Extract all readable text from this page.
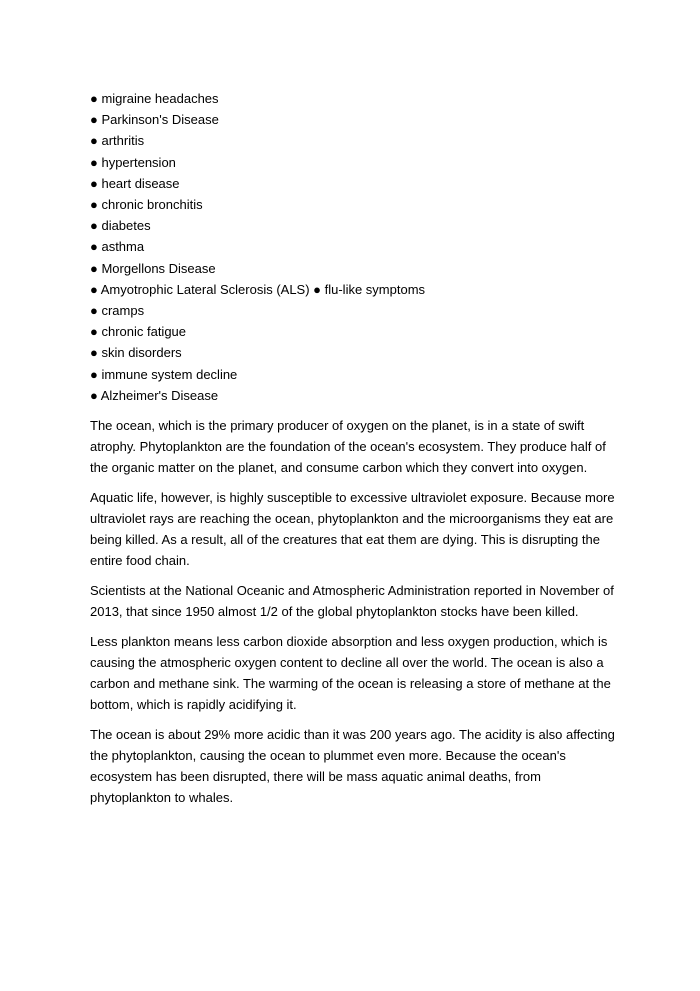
● migraine headaches
● Parkinson's Disease
● arthritis
● hypertension
● heart disease
● chronic bronchitis
● diabetes
● asthma
● Morgellons Disease
● Amyotrophic Lateral Sclerosis (ALS) ● flu-like symptoms
● cramps
● chronic fatigue
● skin disorders
● immune system decline
● Alzheimer's Disease

The ocean, which is the primary producer of oxygen on the planet, is in a state of swift atrophy. Phytoplankton are the foundation of the ocean's ecosystem. They produce half of the organic matter on the planet, and consume carbon which they convert into oxygen.

Aquatic life, however, is highly susceptible to excessive ultraviolet exposure. Because more ultraviolet rays are reaching the ocean, phytoplankton and the microorganisms they eat are being killed. As a result, all of the creatures that eat them are dying. This is disrupting the entire food chain.

Scientists at the National Oceanic and Atmospheric Administration reported in November of 2013, that since 1950 almost 1/2 of the global phytoplankton stocks have been killed.

Less plankton means less carbon dioxide absorption and less oxygen production, which is causing the atmospheric oxygen content to decline all over the world. The ocean is also a carbon and methane sink. The warming of the ocean is releasing a store of methane at the bottom, which is rapidly acidifying it.

The ocean is about 29% more acidic than it was 200 years ago. The acidity is also affecting the phytoplankton, causing the ocean to plummet even more. Because the ocean's ecosystem has been disrupted, there will be mass aquatic animal deaths, from phytoplankton to whales.
